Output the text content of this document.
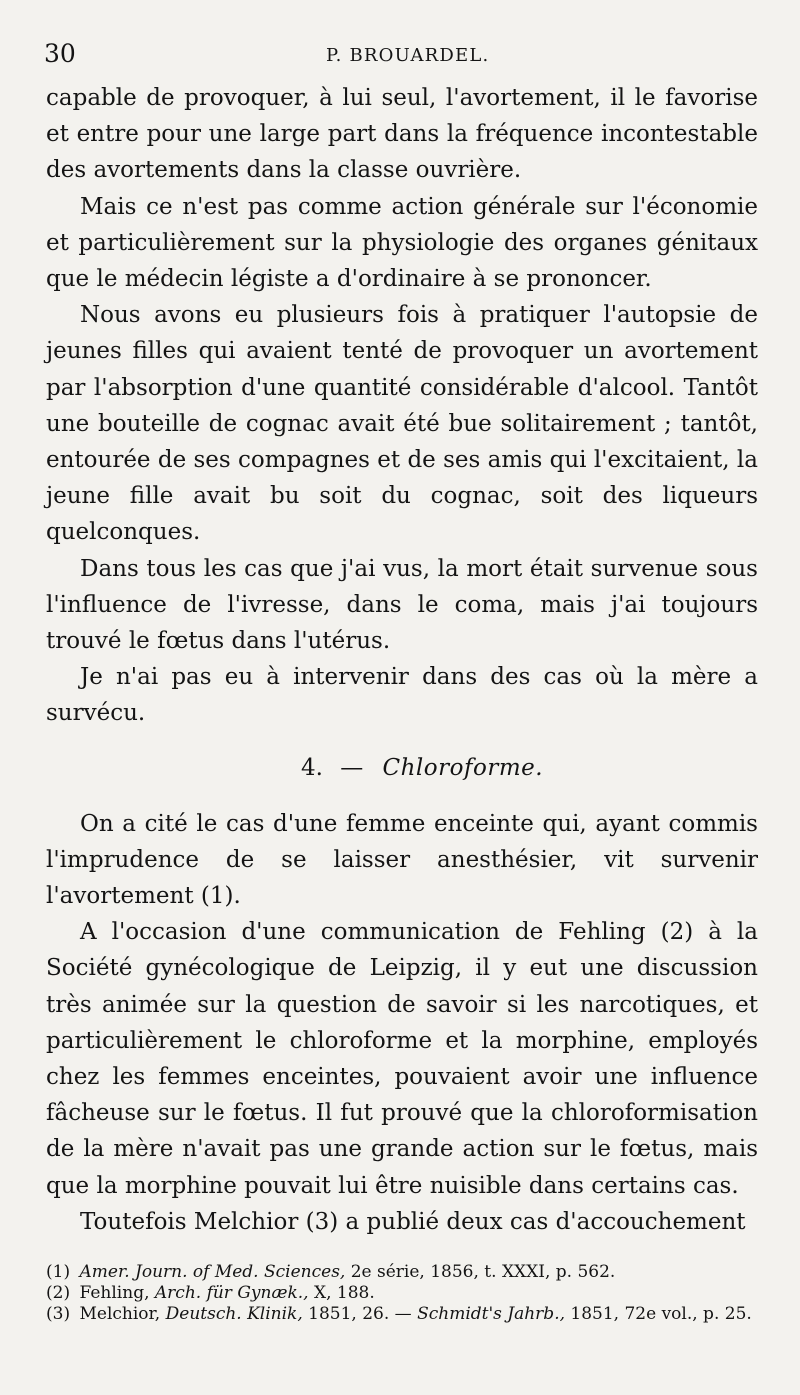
30	P. BROUARDEL.

capable de provoquer, à lui seul, l'avortement, il le favorise et entre pour une large part dans la fréquence incontestable des avortements dans la classe ouvrière.

Mais ce n'est pas comme action générale sur l'économie et particulièrement sur la physiologie des organes génitaux que le médecin légiste a d'ordinaire à se prononcer.

Nous avons eu plusieurs fois à pratiquer l'autopsie de jeunes filles qui avaient tenté de provoquer un avortement par l'absorption d'une quantité considérable d'alcool. Tantôt une bouteille de cognac avait été bue solitairement ; tantôt, entourée de ses compagnes et de ses amis qui l'excitaient, la jeune fille avait bu soit du cognac, soit des liqueurs quelconques.

Dans tous les cas que j'ai vus, la mort était survenue sous l'influence de l'ivresse, dans le coma, mais j'ai toujours trouvé le fœtus dans l'utérus.

Je n'ai pas eu à intervenir dans des cas où la mère a survécu.

4. — Chloroforme.

On a cité le cas d'une femme enceinte qui, ayant commis l'imprudence de se laisser anesthésier, vit survenir l'avortement (1).

A l'occasion d'une communication de Fehling (2) à la Société gynécologique de Leipzig, il y eut une discussion très animée sur la question de savoir si les narcotiques, et particulièrement le chloroforme et la morphine, employés chez les femmes enceintes, pouvaient avoir une influence fâcheuse sur le fœtus. Il fut prouvé que la chloroformisation de la mère n'avait pas une grande action sur le fœtus, mais que la morphine pouvait lui être nuisible dans certains cas.

Toutefois Melchior (3) a publié deux cas d'accouchement

(1) Amer. Journ. of Med. Sciences, 2e série, 1856, t. XXXI, p. 562.

(2) Fehling, Arch. für Gynæk., X, 188.

(3) Melchior, Deutsch. Klinik, 1851, 26. — Schmidt's Jahrb., 1851, 72e vol., p. 25.
